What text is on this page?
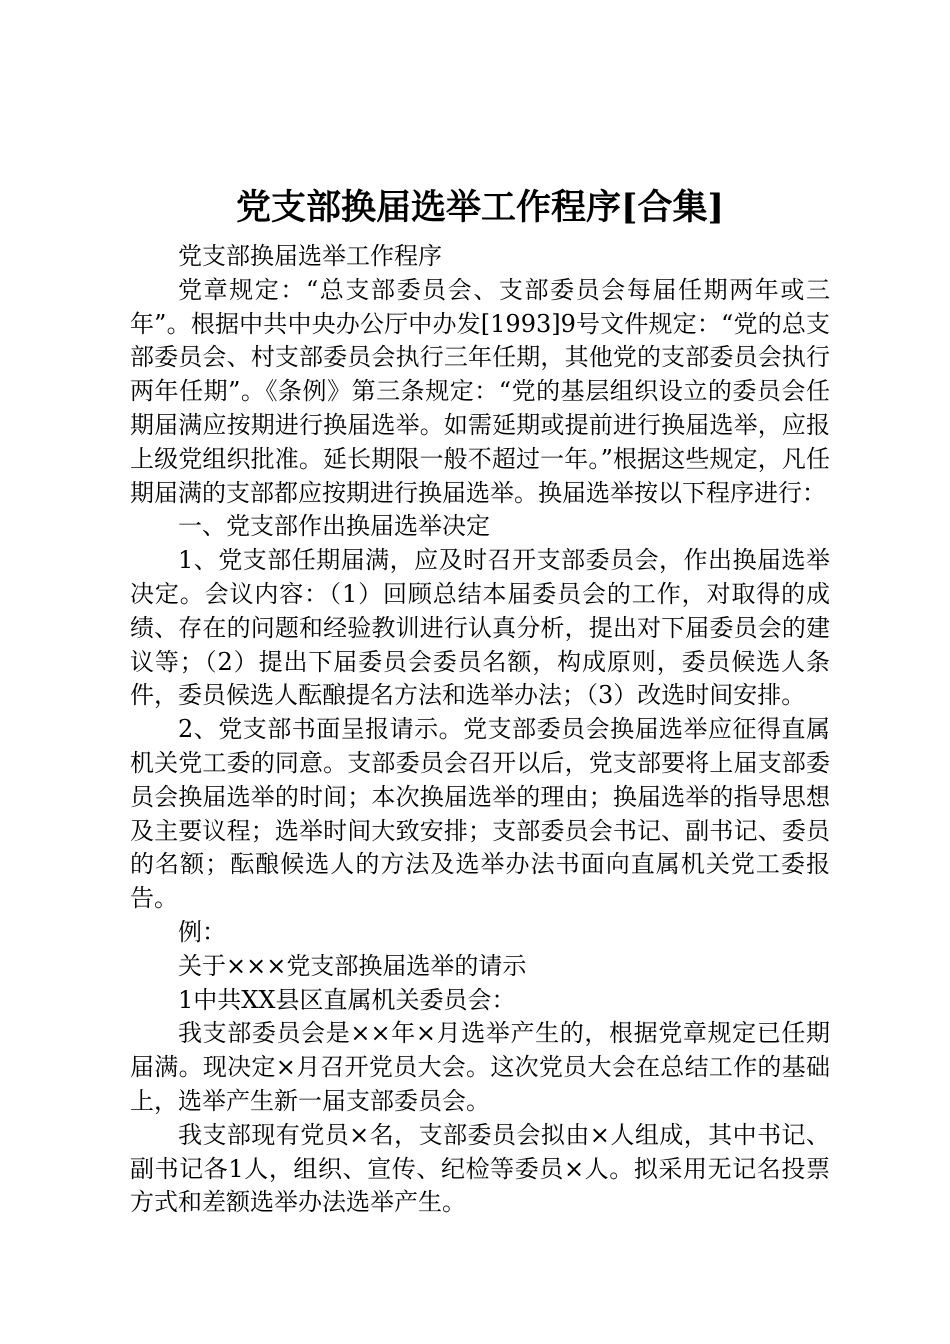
党支部换届选举工作程序[合集]

党支部换届选举工作程序

党章规定：“总支部委员会、支部委员会每届任期两年或三年”。根据中共中央办公厅中办发[1993]9号文件规定：“党的总支部委员会、村支部委员会执行三年任期，其他党的支部委员会执行两年任期”。《条例》第三条规定：“党的基层组织设立的委员会任期届满应按期进行换届选举。如需延期或提前进行换届选举，应报上级党组织批准。延长期限一般不超过一年。”根据这些规定，凡任期届满的支部都应按期进行换届选举。换届选举按以下程序进行：

一、党支部作出换届选举决定

1、党支部任期届满，应及时召开支部委员会，作出换届选举决定。会议内容：（1）回顾总结本届委员会的工作，对取得的成绩、存在的问题和经验教训进行认真分析，提出对下届委员会的建议等；（2）提出下届委员会委员名额，构成原则，委员候选人条件，委员候选人酝酿提名方法和选举办法；（3）改选时间安排。

2、党支部书面呈报请示。党支部委员会换届选举应征得直属机关党工委的同意。支部委员会召开以后，党支部要将上届支部委员会换届选举的时间；本次换届选举的理由；换届选举的指导思想及主要议程；选举时间大致安排；支部委员会书记、副书记、委员的名额；酝酿候选人的方法及选举办法书面向直属机关党工委报告。

例：

关于×××党支部换届选举的请示

1中共XX县区直属机关委员会：

我支部委员会是××年×月选举产生的，根据党章规定已任期届满。现决定×月召开党员大会。这次党员大会在总结工作的基础上，选举产生新一届支部委员会。

我支部现有党员×名，支部委员会拟由×人组成，其中书记、副书记各1人，组织、宣传、纪检等委员×人。拟采用无记名投票方式和差额选举办法选举产生。
